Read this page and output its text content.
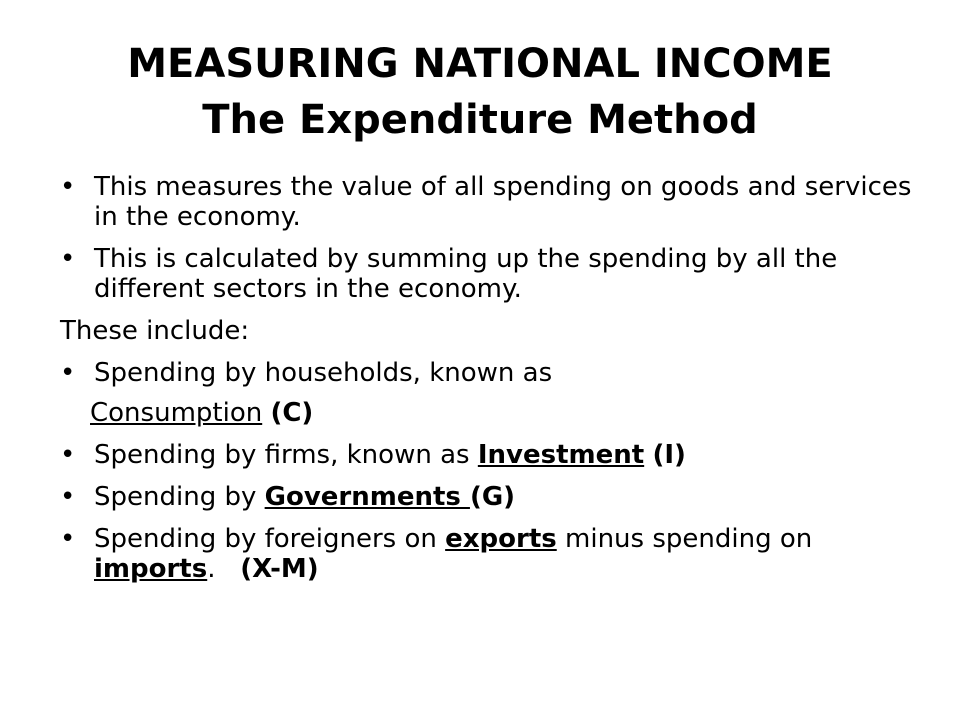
MEASURING NATIONAL INCOME
The Expenditure Method
• This measures the value of all spending on goods and services in the economy.
• This is calculated by summing up the spending by all the different sectors in the economy.
These include:
• Spending by households, known as
Consumption (C)
• Spending by firms, known as Investment (I)
• Spending by Governments (G)
• Spending by foreigners on exports minus spending on imports.   (X-M)
